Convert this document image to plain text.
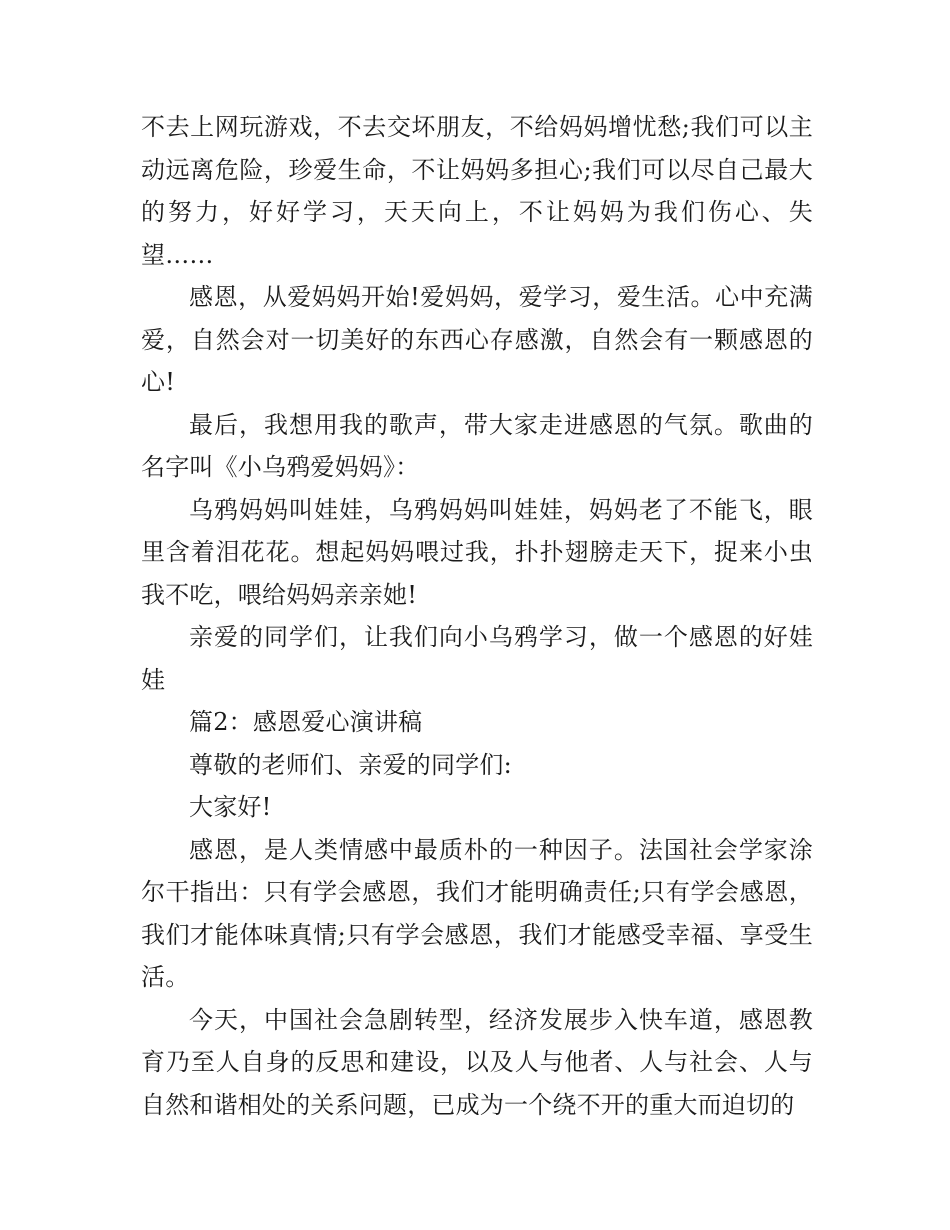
不去上网玩游戏，不去交坏朋友，不给妈妈增忧愁;我们可以主动远离危险，珍爱生命，不让妈妈多担心;我们可以尽自己最大的努力，好好学习，天天向上，不让妈妈为我们伤心、失望……

感恩，从爱妈妈开始!爱妈妈，爱学习，爱生活。心中充满爱，自然会对一切美好的东西心存感激，自然会有一颗感恩的心!

最后，我想用我的歌声，带大家走进感恩的气氛。歌曲的名字叫《小乌鸦爱妈妈》：

乌鸦妈妈叫娃娃，乌鸦妈妈叫娃娃，妈妈老了不能飞，眼里含着泪花花。想起妈妈喂过我，扑扑翅膀走天下，捉来小虫我不吃，喂给妈妈亲亲她!

亲爱的同学们，让我们向小乌鸦学习，做一个感恩的好娃娃

篇2：感恩爱心演讲稿

尊敬的老师们、亲爱的同学们:

大家好!

感恩，是人类情感中最质朴的一种因子。法国社会学家涂尔干指出：只有学会感恩，我们才能明确责任;只有学会感恩，我们才能体味真情;只有学会感恩，我们才能感受幸福、享受生活。

今天，中国社会急剧转型，经济发展步入快车道，感恩教育乃至人自身的反思和建设，以及人与他者、人与社会、人与自然和谐相处的关系问题，已成为一个绕不开的重大而迫切的
